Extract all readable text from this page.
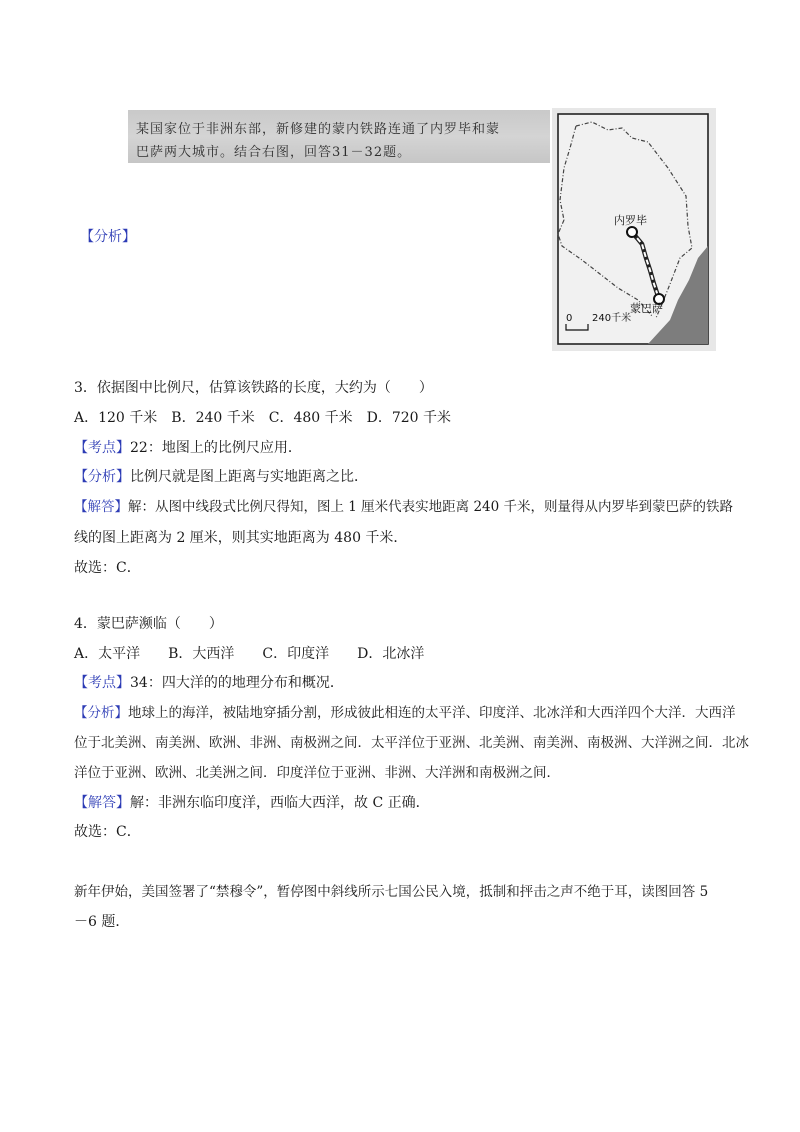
某国家位于非洲东部，新修建的蒙内铁路连通了内罗毕和蒙
巴萨两大城市。结合右图，回答31－32题。
【分析】
内罗毕
蒙巴萨
0 240千米
3．依据图中比例尺，估算该铁路的长度，大约为（　　）
A．120 千米　B．240 千米　C．480 千米　D．720 千米
【考点】22：地图上的比例尺应用．
【分析】比例尺就是图上距离与实地距离之比．
【解答】解：从图中线段式比例尺得知，图上 1 厘米代表实地距离 240 千米，则量得从内罗毕到蒙巴萨的铁路
线的图上距离为 2 厘米，则其实地距离为 480 千米．
故选：C．
4．蒙巴萨濒临（　　）
A．太平洋　　B．大西洋　　C．印度洋　　D．北冰洋
【考点】34：四大洋的的地理分布和概况．
【分析】地球上的海洋，被陆地穿插分割，形成彼此相连的太平洋、印度洋、北冰洋和大西洋四个大洋．大西洋
位于北美洲、南美洲、欧洲、非洲、南极洲之间．太平洋位于亚洲、北美洲、南美洲、南极洲、大洋洲之间．北冰
洋位于亚洲、欧洲、北美洲之间．印度洋位于亚洲、非洲、大洋洲和南极洲之间．
【解答】解：非洲东临印度洋，西临大西洋，故 C 正确．
故选：C．
新年伊始，美国签署了“禁穆令”，暂停图中斜线所示七国公民入境，抵制和抨击之声不绝于耳，读图回答 5
－6 题．
